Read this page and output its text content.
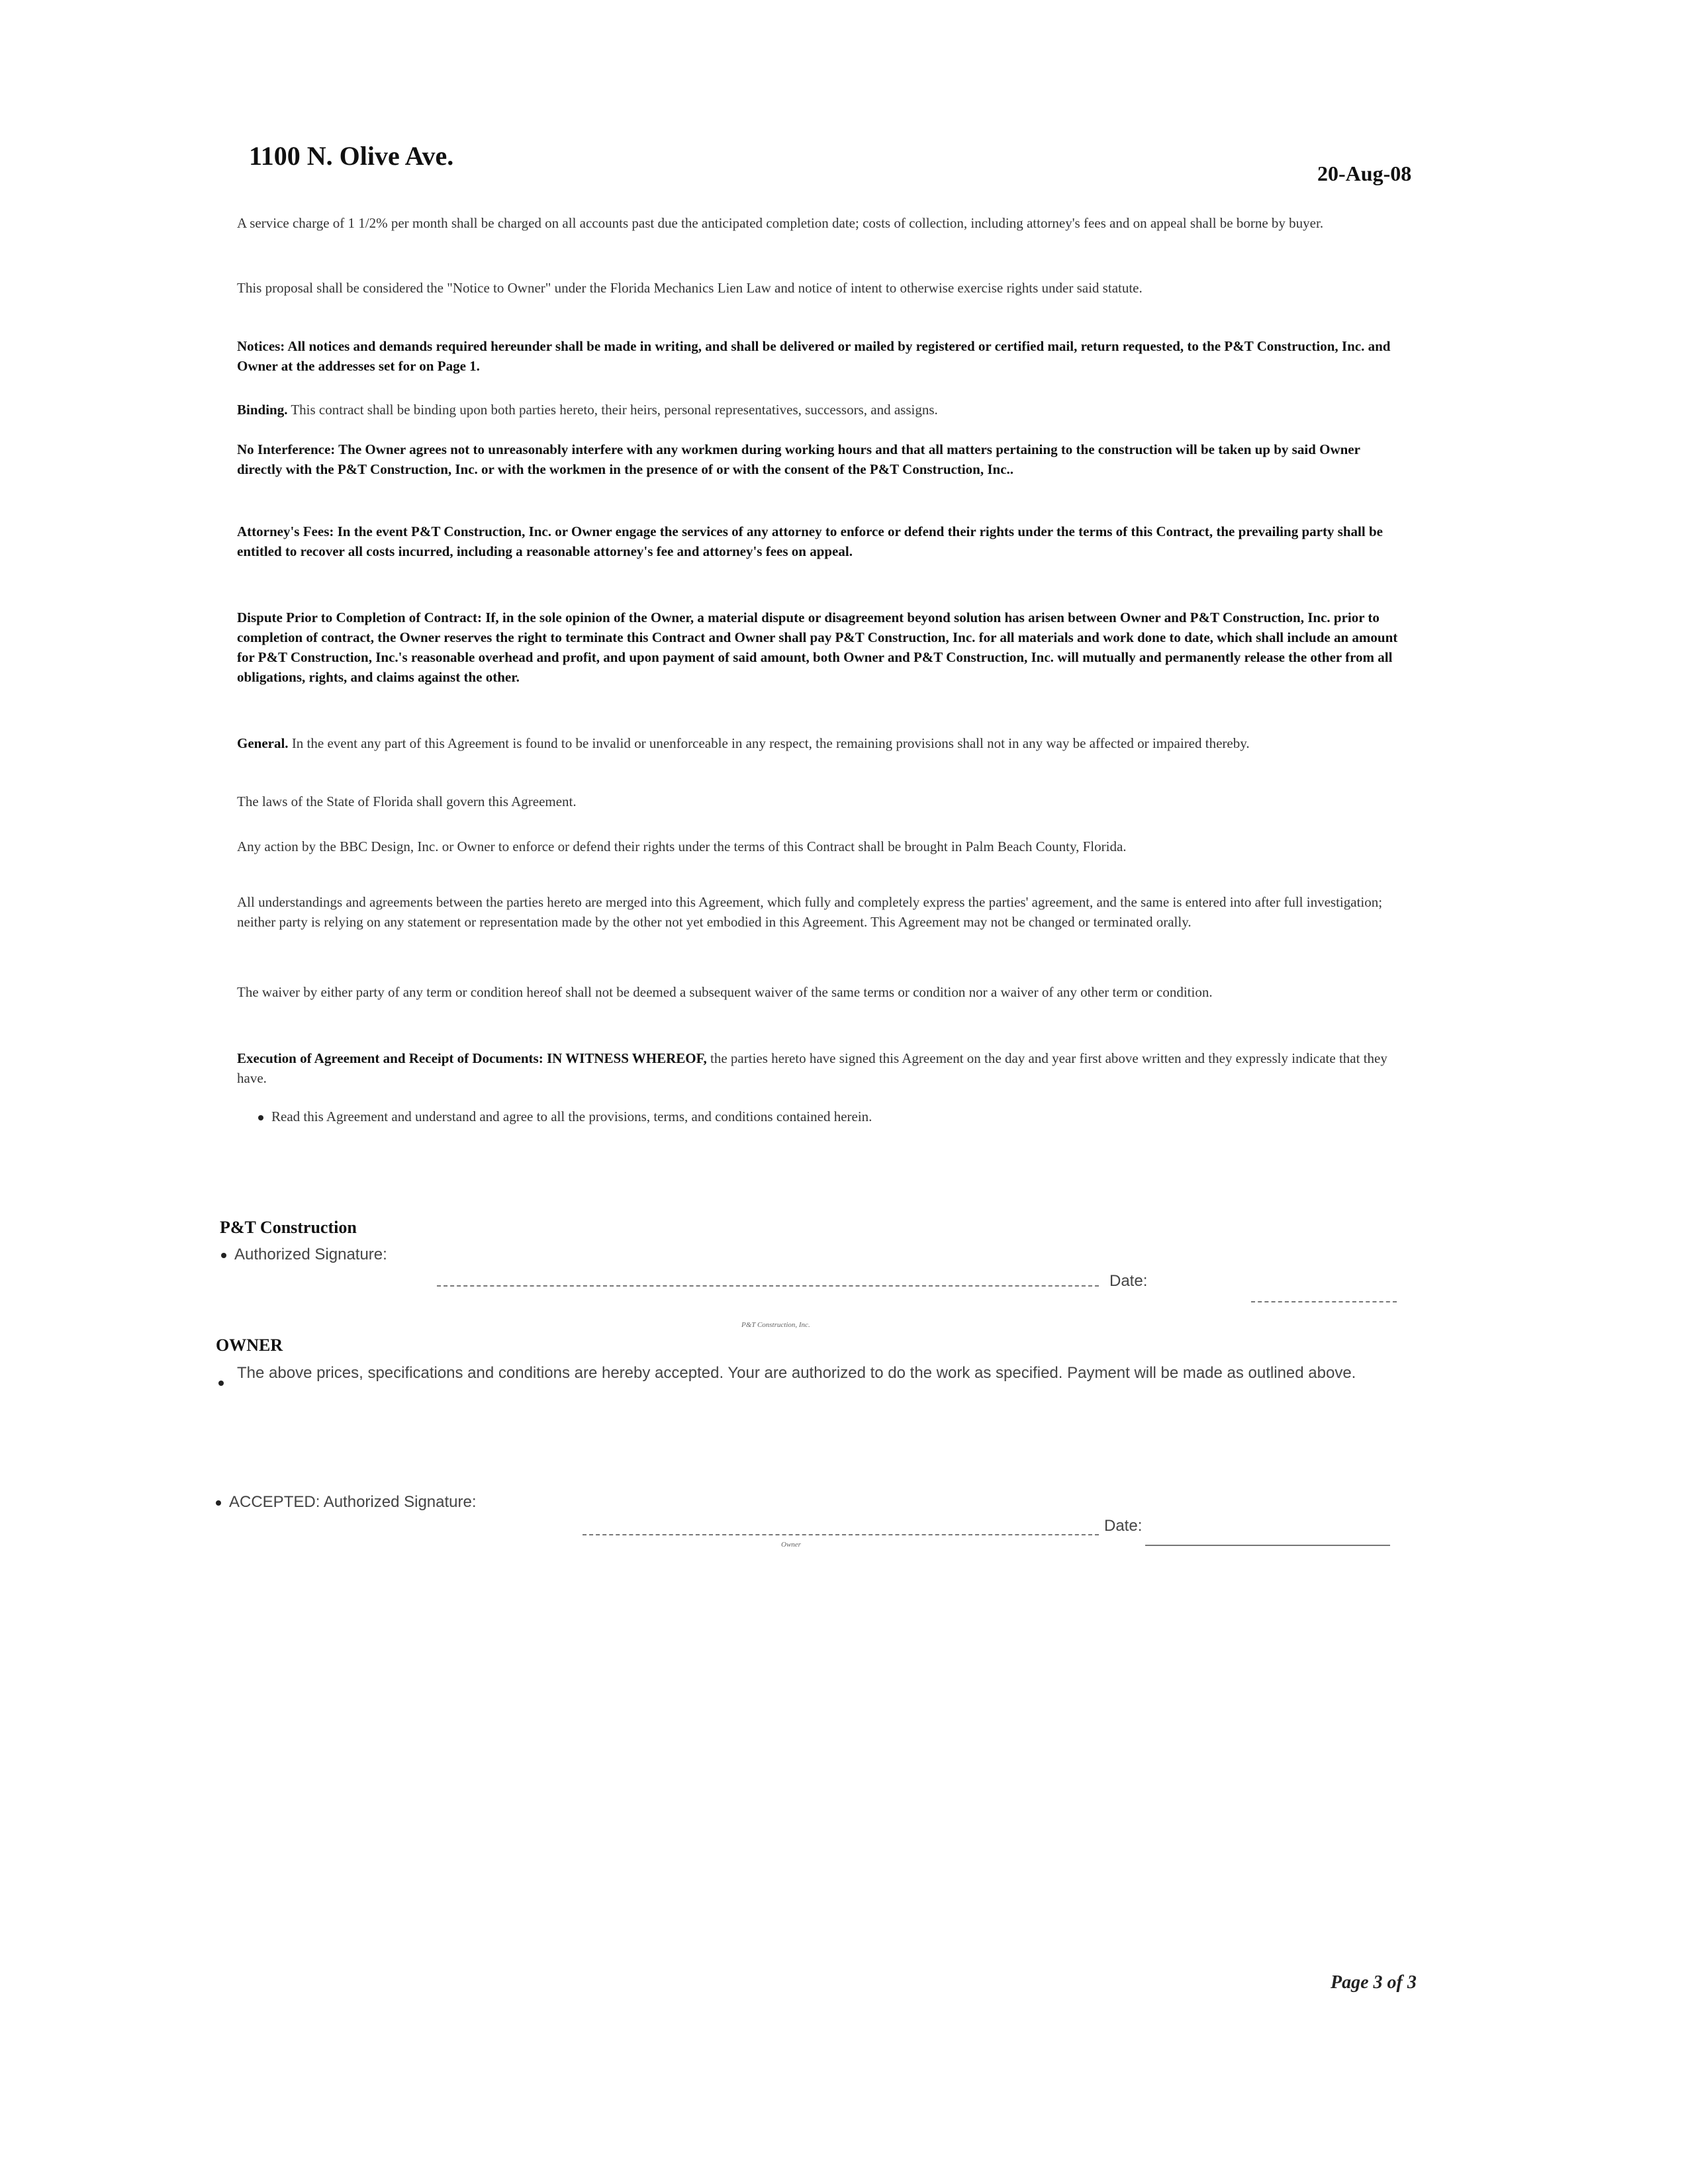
1100 N. Olive Ave.
20-Aug-08
A service charge of 1 1/2% per month shall be charged on all accounts past due the anticipated completion date; costs of collection, including attorney's fees and on appeal shall be borne by buyer.
This proposal shall be considered the "Notice to Owner" under the Florida Mechanics Lien Law and notice of intent to otherwise exercise rights under said statute.
Notices: All notices and demands required hereunder shall be made in writing, and shall be delivered or mailed by registered or certified mail, return requested, to the P&T Construction, Inc. and Owner at the addresses set for on Page 1.
Binding. This contract shall be binding upon both parties hereto, their heirs, personal representatives, successors, and assigns.
No Interference: The Owner agrees not to unreasonably interfere with any workmen during working hours and that all matters pertaining to the construction will be taken up by said Owner directly with the P&T Construction, Inc. or with the workmen in the presence of or with the consent of the P&T Construction, Inc..
Attorney's Fees: In the event P&T Construction, Inc. or Owner engage the services of any attorney to enforce or defend their rights under the terms of this Contract, the prevailing party shall be entitled to recover all costs incurred, including a reasonable attorney's fee and attorney's fees on appeal.
Dispute Prior to Completion of Contract: If, in the sole opinion of the Owner, a material dispute or disagreement beyond solution has arisen between Owner and P&T Construction, Inc. prior to completion of contract, the Owner reserves the right to terminate this Contract and Owner shall pay P&T Construction, Inc. for all materials and work done to date, which shall include an amount for P&T Construction, Inc.'s reasonable overhead and profit, and upon payment of said amount, both Owner and P&T Construction, Inc. will mutually and permanently release the other from all obligations, rights, and claims against the other.
General. In the event any part of this Agreement is found to be invalid or unenforceable in any respect, the remaining provisions shall not in any way be affected or impaired thereby.
The laws of the State of Florida shall govern this Agreement.
Any action by the BBC Design, Inc. or Owner to enforce or defend their rights under the terms of this Contract shall be brought in Palm Beach County, Florida.
All understandings and agreements between the parties hereto are merged into this Agreement, which fully and completely express the parties' agreement, and the same is entered into after full investigation; neither party is relying on any statement or representation made by the other not yet embodied in this Agreement. This Agreement may not be changed or terminated orally.
The waiver by either party of any term or condition hereof shall not be deemed a subsequent waiver of the same terms or condition nor a waiver of any other term or condition.
Execution of Agreement and Receipt of Documents: IN WITNESS WHEREOF, the parties hereto have signed this Agreement on the day and year first above written and they expressly indicate that they have.
Read this Agreement and understand and agree to all the provisions, terms, and conditions contained herein.
P&T Construction
Authorized Signature:
Date:
P&T Construction, Inc.
OWNER
The above prices, specifications and conditions are hereby accepted. Your are authorized to do the work as specified. Payment will be made as outlined above.
ACCEPTED: Authorized Signature:
Date:
Owner
Page 3 of 3
